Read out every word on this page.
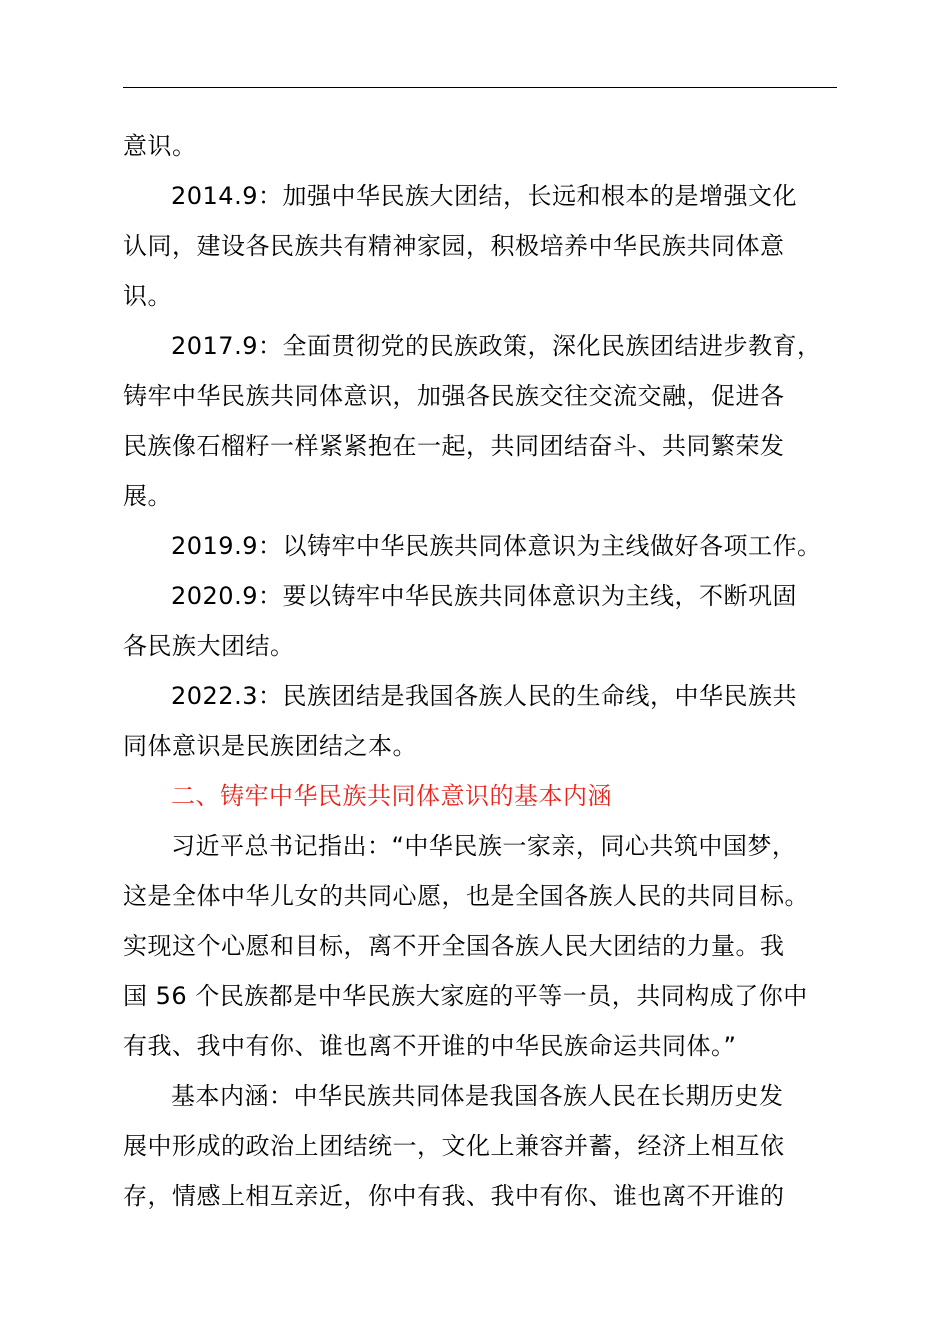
意识。
2014.9：加强中华民族大团结，长远和根本的是增强文化
认同，建设各民族共有精神家园，积极培养中华民族共同体意
识。
2017.9：全面贯彻党的民族政策，深化民族团结进步教育，
铸牢中华民族共同体意识，加强各民族交往交流交融，促进各
民族像石榴籽一样紧紧抱在一起，共同团结奋斗、共同繁荣发
展。
2019.9：以铸牢中华民族共同体意识为主线做好各项工作。
2020.9：要以铸牢中华民族共同体意识为主线，不断巩固
各民族大团结。
2022.3：民族团结是我国各族人民的生命线，中华民族共
同体意识是民族团结之本。
二、铸牢中华民族共同体意识的基本内涵
习近平总书记指出：“中华民族一家亲，同心共筑中国梦，
这是全体中华儿女的共同心愿，也是全国各族人民的共同目标。
实现这个心愿和目标，离不开全国各族人民大团结的力量。我
国 56 个民族都是中华民族大家庭的平等一员，共同构成了你中
有我、我中有你、谁也离不开谁的中华民族命运共同体。”
基本内涵：中华民族共同体是我国各族人民在长期历史发
展中形成的政治上团结统一，文化上兼容并蓄，经济上相互依
存，情感上相互亲近，你中有我、我中有你、谁也离不开谁的
